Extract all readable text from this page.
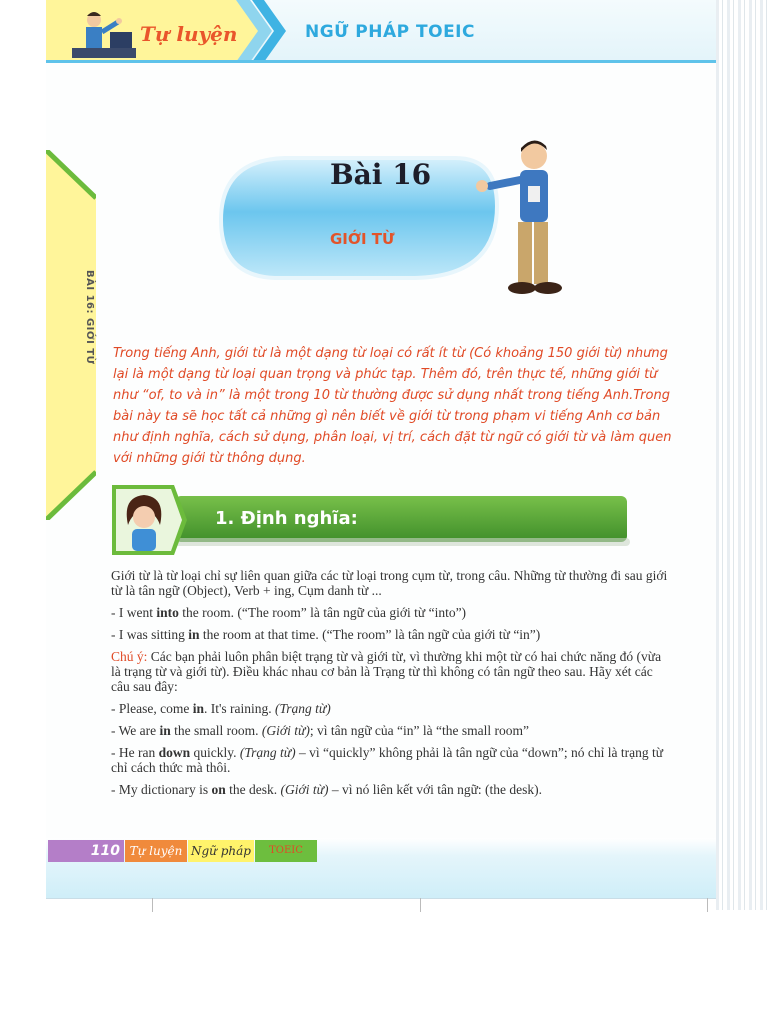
Tự luyện	NGỮ PHÁP TOEIC
BÀI 16: GIỚI TỪ
Bài 16
GIỚI TỪ

Trong tiếng Anh, giới từ là một dạng từ loại có rất ít từ (Có khoảng 150 giới từ) nhưng lại là một dạng từ loại quan trọng và phức tạp. Thêm đó, trên thực tế, những giới từ như “of, to và in” là một trong 10 từ thường được sử dụng nhất trong tiếng Anh.Trong bài này ta sẽ học tất cả những gì nên biết về giới từ trong phạm vi tiếng Anh cơ bản như định nghĩa, cách sử dụng, phân loại, vị trí, cách đặt từ ngữ có giới từ và làm quen với những giới từ thông dụng.

1. Định nghĩa:

Giới từ là từ loại chỉ sự liên quan giữa các từ loại trong cụm từ, trong câu. Những từ thường đi sau giới từ là tân ngữ (Object), Verb + ing, Cụm danh từ ...

- I went into the room. (“The room” là tân ngữ của giới từ “into”)

- I was sitting in the room at that time. (“The room” là tân ngữ của giới từ “in”)

Chú ý: Các bạn phải luôn phân biệt trạng từ và giới từ, vì thường khi một từ có hai chức năng đó (vừa là trạng từ và giới từ). Điều khác nhau cơ bản là Trạng từ thì không có tân ngữ theo sau. Hãy xét các câu sau đây:

- Please, come in. It's raining. (Trạng từ)

- We are in the small room. (Giới từ); vì tân ngữ của “in” là “the small room”

- He ran down quickly. (Trạng từ) – vì “quickly” không phải là tân ngữ của “down”; nó chỉ là trạng từ chỉ cách thức mà thôi.

- My dictionary is on the desk. (Giới từ) – vì nó liên kết với tân ngữ: (the desk).

110 Tự luyện Ngữ pháp	TOEIC
